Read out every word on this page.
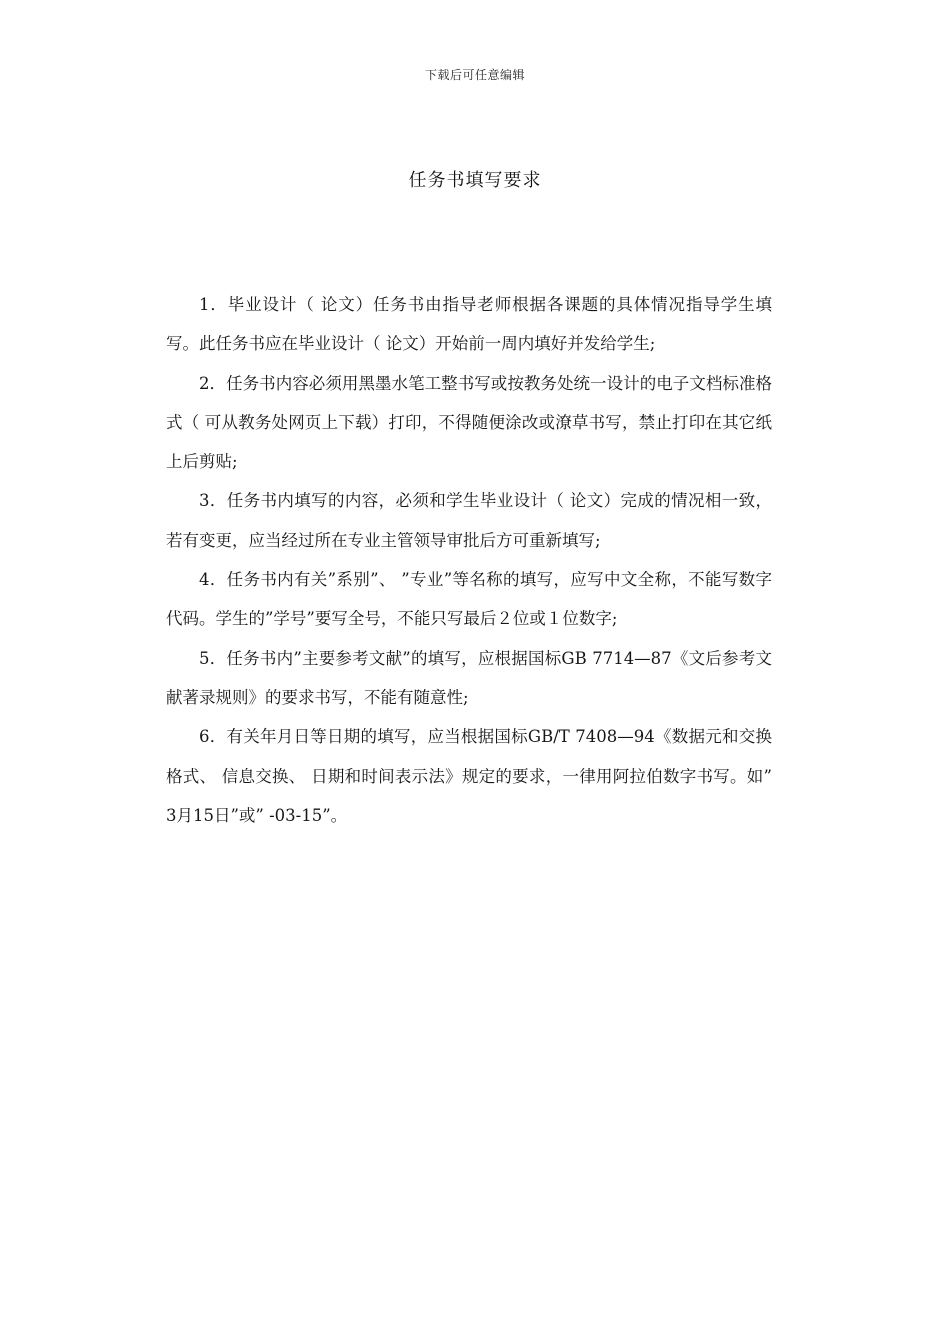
下载后可任意编辑
任务书填写要求

1．毕业设计（ 论文）任务书由指导老师根据各课题的具体情况指导学生填写。此任务书应在毕业设计（ 论文）开始前一周内填好并发给学生;

2．任务书内容必须用黑墨水笔工整书写或按教务处统一设计的电子文档标准格式（ 可从教务处网页上下载）打印，不得随便涂改或潦草书写，禁止打印在其它纸上后剪贴;

3．任务书内填写的内容，必须和学生毕业设计（ 论文）完成的情况相一致，若有变更，应当经过所在专业主管领导审批后方可重新填写;

4．任务书内有关”系别”、 ”专业”等名称的填写，应写中文全称，不能写数字代码。学生的”学号”要写全号，不能只写最后２位或１位数字;

5．任务书内”主要参考文献”的填写，应根据国标GB 7714—87《文后参考文献著录规则》的要求书写，不能有随意性;

6．有关年月日等日期的填写，应当根据国标GB/T 7408—94《数据元和交换格式、 信息交换、 日期和时间表示法》规定的要求，一律用阿拉伯数字书写。如” 3月15日”或” -03-15”。
